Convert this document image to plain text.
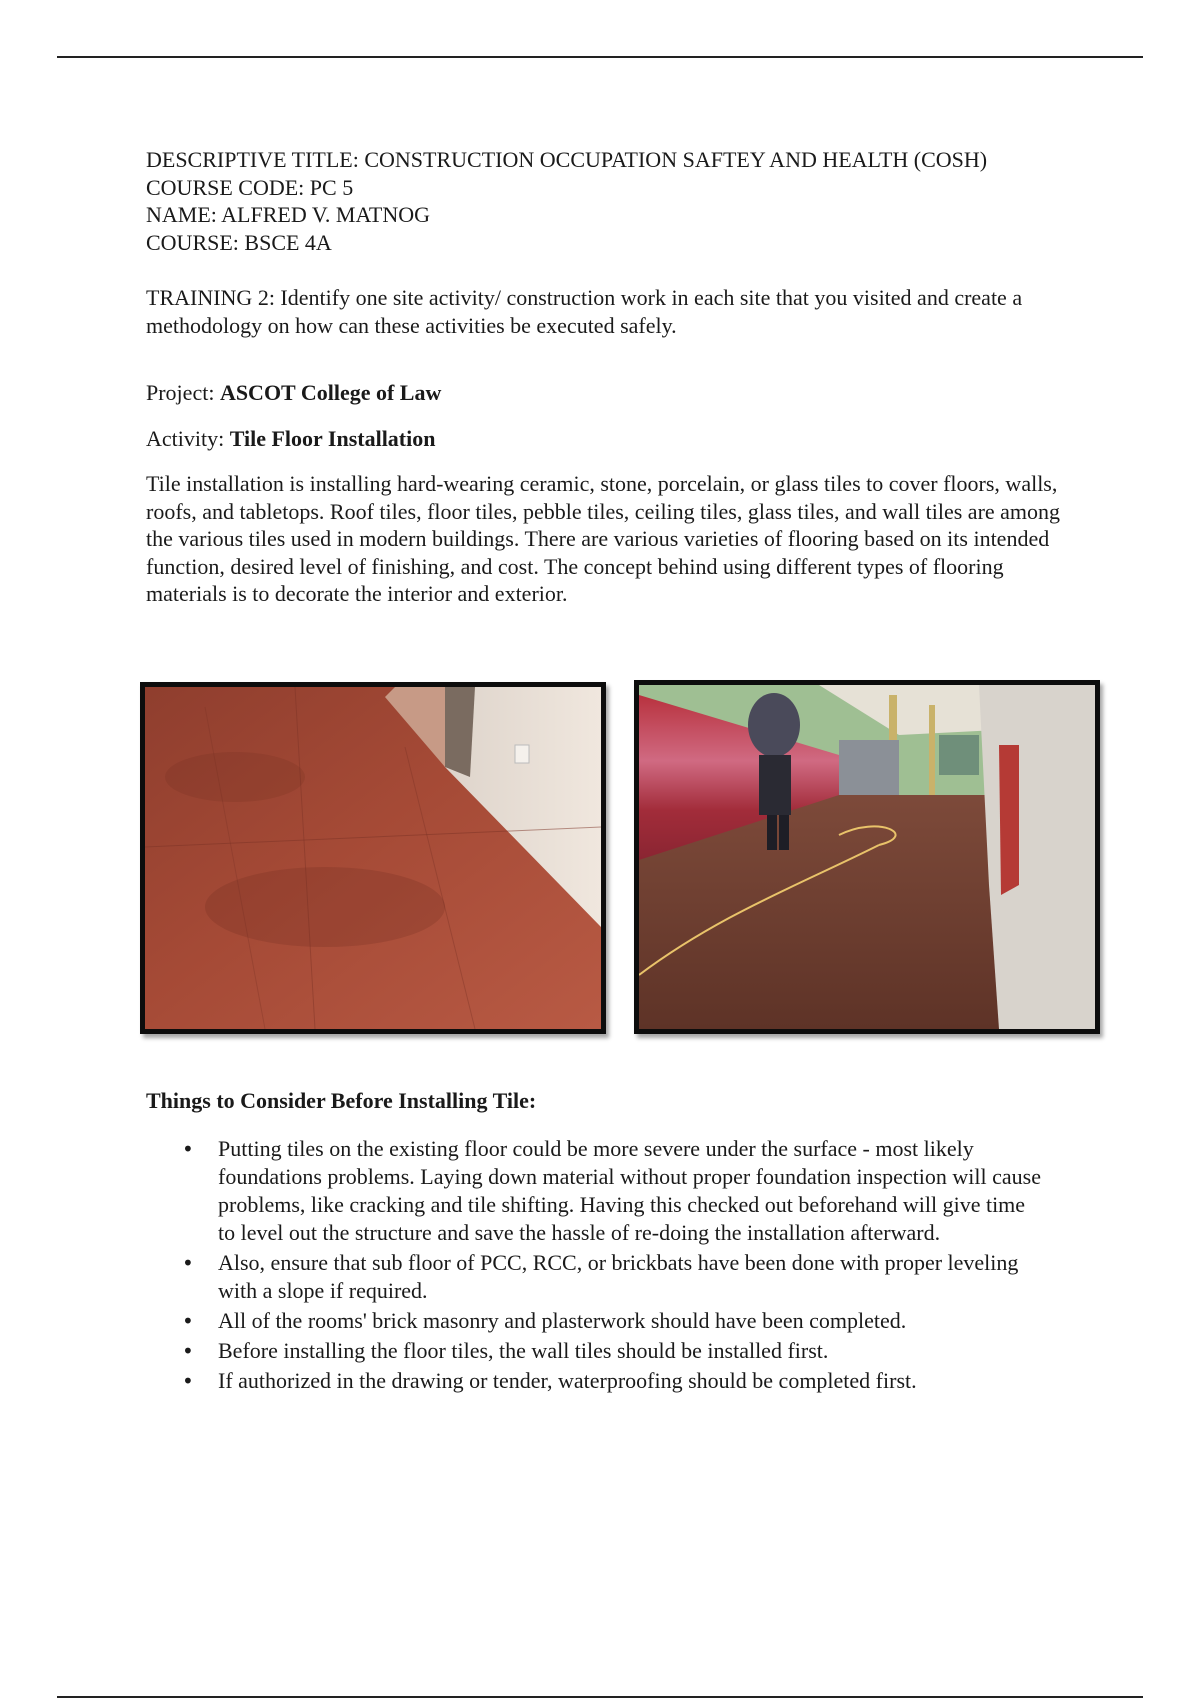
DESCRIPTIVE TITLE: CONSTRUCTION OCCUPATION SAFTEY AND HEALTH (COSH)
COURSE CODE: PC 5
NAME: ALFRED V. MATNOG
COURSE: BSCE 4A
TRAINING 2: Identify one site activity/ construction work in each site that you visited and create a methodology on how can these activities be executed safely.
Project: ASCOT College of Law
Activity: Tile Floor Installation
Tile installation is installing hard-wearing ceramic, stone, porcelain, or glass tiles to cover floors, walls, roofs, and tabletops. Roof tiles, floor tiles, pebble tiles, ceiling tiles, glass tiles, and wall tiles are among the various tiles used in modern buildings. There are various varieties of flooring based on its intended function, desired level of finishing, and cost. The concept behind using different types of flooring materials is to decorate the interior and exterior.
Things to Consider Before Installing Tile:
• Putting tiles on the existing floor could be more severe under the surface - most likely foundations problems. Laying down material without proper foundation inspection will cause problems, like cracking and tile shifting. Having this checked out beforehand will give time to level out the structure and save the hassle of re-doing the installation afterward.
• Also, ensure that sub floor of PCC, RCC, or brickbats have been done with proper leveling with a slope if required.
• All of the rooms' brick masonry and plasterwork should have been completed.
• Before installing the floor tiles, the wall tiles should be installed first.
• If authorized in the drawing or tender, waterproofing should be completed first.
